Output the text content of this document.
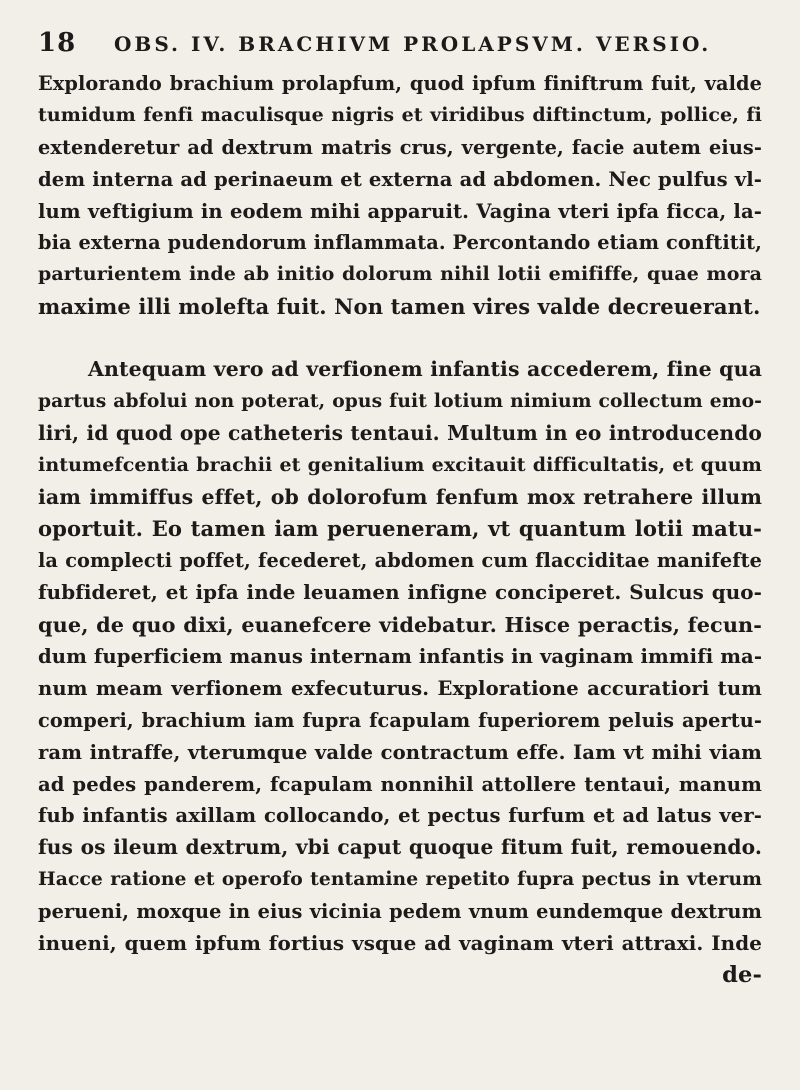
18 OBS. IV. BRACHIVM PROLAPSVM. VERSIO.
Explorando brachium prolapfum, quod ipfum finiftrum fuit, valde
tumidum fenfi maculisque nigris et viridibus diftinctum, pollice, fi
extenderetur ad dextrum matris crus, vergente, facie autem eius-
dem interna ad perinaeum et externa ad abdomen. Nec pulfus vl-
lum veftigium in eodem mihi apparuit. Vagina vteri ipfa ficca, la-
bia externa pudendorum inflammata. Percontando etiam conftitit,
parturientem inde ab initio dolorum nihil lotii emififfe, quae mora
maxime illi molefta fuit. Non tamen vires valde decreuerant.
Antequam vero ad verfionem infantis accederem, fine qua
partus abfolui non poterat, opus fuit lotium nimium collectum emo-
liri, id quod ope catheteris tentaui. Multum in eo introducendo
intumefcentia brachii et genitalium excitauit difficultatis, et quum
iam immiffus effet, ob dolorofum fenfum mox retrahere illum
oportuit. Eo tamen iam perueneram, vt quantum lotii matu-
la complecti poffet, fecederet, abdomen cum flacciditae manifefte
fubfideret, et ipfa inde leuamen infigne conciperet. Sulcus quo-
que, de quo dixi, euanefcere videbatur. Hisce peractis, fecun-
dum fuperficiem manus internam infantis in vaginam immifi ma-
num meam verfionem exfecuturus. Exploratione accuratiori tum
comperi, brachium iam fupra fcapulam fuperiorem peluis apertu-
ram intraffe, vterumque valde contractum effe. Iam vt mihi viam
ad pedes panderem, fcapulam nonnihil attollere tentaui, manum
fub infantis axillam collocando, et pectus furfum et ad latus ver-
fus os ileum dextrum, vbi caput quoque fitum fuit, remouendo.
Hacce ratione et operofo tentamine repetito fupra pectus in vterum
perueni, moxque in eius vicinia pedem vnum eundemque dextrum
inueni, quem ipfum fortius vsque ad vaginam vteri attraxi. Inde
de-
